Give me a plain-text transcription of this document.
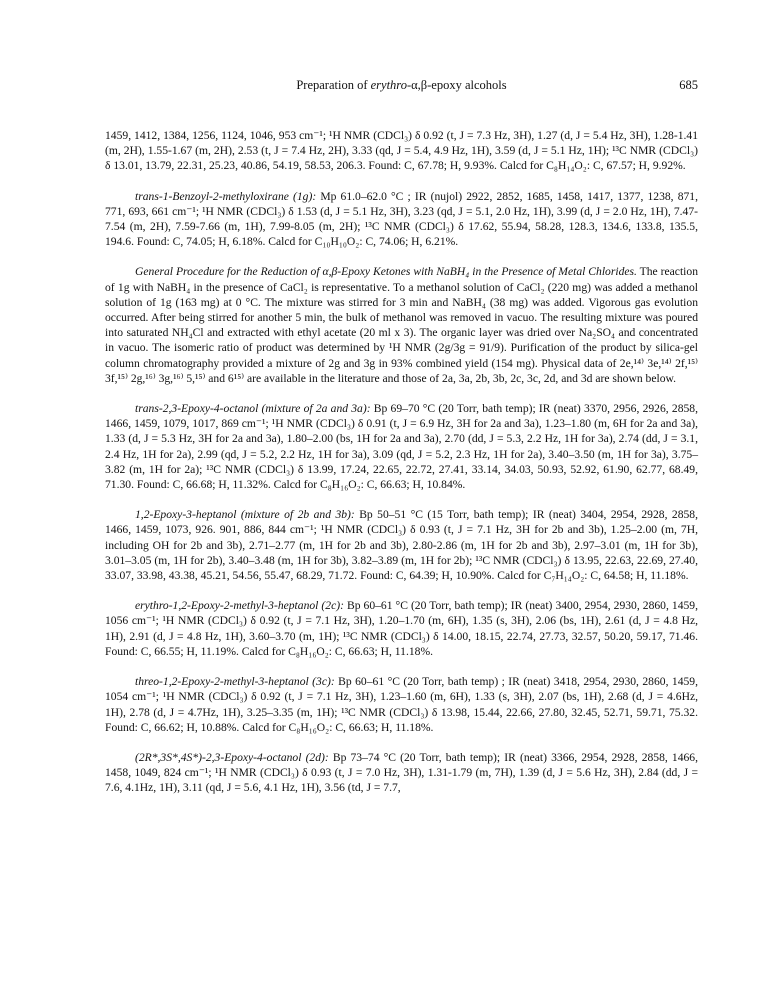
Preparation of erythro-α,β-epoxy alcohols	685

1459, 1412, 1384, 1256, 1124, 1046, 953 cm⁻¹; ¹H NMR (CDCl₃) δ 0.92 (t, J = 7.3 Hz, 3H), 1.27 (d, J = 5.4 Hz, 3H), 1.28-1.41 (m, 2H), 1.55-1.67 (m, 2H), 2.53 (t, J = 7.4 Hz, 2H), 3.33 (qd, J = 5.4, 4.9 Hz, 1H), 3.59 (d, J = 5.1 Hz, 1H); ¹³C NMR (CDCl₃) δ 13.01, 13.79, 22.31, 25.23, 40.86, 54.19, 58.53, 206.3. Found: C, 67.78; H, 9.93%. Calcd for C₈H₁₄O₂: C, 67.57; H, 9.92%.

trans-1-Benzoyl-2-methyloxirane (1g): Mp 61.0–62.0 °C ; IR (nujol) 2922, 2852, 1685, 1458, 1417, 1377, 1238, 871, 771, 693, 661 cm⁻¹; ¹H NMR (CDCl₃) δ 1.53 (d, J = 5.1 Hz, 3H), 3.23 (qd, J = 5.1, 2.0 Hz, 1H), 3.99 (d, J = 2.0 Hz, 1H), 7.47-7.54 (m, 2H), 7.59-7.66 (m, 1H), 7.99-8.05 (m, 2H); ¹³C NMR (CDCl₃) δ 17.62, 55.94, 58.28, 128.3, 134.6, 133.8, 135.5, 194.6. Found: C, 74.05; H, 6.18%. Calcd for C₁₀H₁₀O₂: C, 74.06; H, 6.21%.

General Procedure for the Reduction of α,β-Epoxy Ketones with NaBH₄ in the Presence of Metal Chlorides. The reaction of 1g with NaBH₄ in the presence of CaCl₂ is representative. To a methanol solution of CaCl₂ (220 mg) was added a methanol solution of 1g (163 mg) at 0 °C. The mixture was stirred for 3 min and NaBH₄ (38 mg) was added. Vigorous gas evolution occurred. After being stirred for another 5 min, the bulk of methanol was removed in vacuo. The resulting mixture was poured into saturated NH₄Cl and extracted with ethyl acetate (20 ml x 3). The organic layer was dried over Na₂SO₄ and concentrated in vacuo. The isomeric ratio of product was determined by ¹H NMR (2g/3g = 91/9). Purification of the product by silica-gel column chromatography provided a mixture of 2g and 3g in 93% combined yield (154 mg). Physical data of 2e,¹⁴⁾ 3e,¹⁴⁾ 2f,¹⁵⁾ 3f,¹⁵⁾ 2g,¹⁶⁾ 3g,¹⁶⁾ 5,¹⁵⁾ and 6¹⁵⁾ are available in the literature and those of 2a, 3a, 2b, 3b, 2c, 3c, 2d, and 3d are shown below.

trans-2,3-Epoxy-4-octanol (mixture of 2a and 3a): Bp 69–70 °C (20 Torr, bath temp); IR (neat) 3370, 2956, 2926, 2858, 1466, 1459, 1079, 1017, 869 cm⁻¹; ¹H NMR (CDCl₃) δ 0.91 (t, J = 6.9 Hz, 3H for 2a and 3a), 1.23–1.80 (m, 6H for 2a and 3a), 1.33 (d, J = 5.3 Hz, 3H for 2a and 3a), 1.80–2.00 (bs, 1H for 2a and 3a), 2.70 (dd, J = 5.3, 2.2 Hz, 1H for 3a), 2.74 (dd, J = 3.1, 2.4 Hz, 1H for 2a), 2.99 (qd, J = 5.2, 2.2 Hz, 1H for 3a), 3.09 (qd, J = 5.2, 2.3 Hz, 1H for 2a), 3.40–3.50 (m, 1H for 3a), 3.75–3.82 (m, 1H for 2a); ¹³C NMR (CDCl₃) δ 13.99, 17.24, 22.65, 22.72, 27.41, 33.14, 34.03, 50.93, 52.92, 61.90, 62.77, 68.49, 71.30. Found: C, 66.68; H, 11.32%. Calcd for C₈H₁₆O₂: C, 66.63; H, 10.84%.

1,2-Epoxy-3-heptanol (mixture of 2b and 3b): Bp 50–51 °C (15 Torr, bath temp); IR (neat) 3404, 2954, 2928, 2858, 1466, 1459, 1073, 926. 901, 886, 844 cm⁻¹; ¹H NMR (CDCl₃) δ 0.93 (t, J = 7.1 Hz, 3H for 2b and 3b), 1.25–2.00 (m, 7H, including OH for 2b and 3b), 2.71–2.77 (m, 1H for 2b and 3b), 2.80-2.86 (m, 1H for 2b and 3b), 2.97–3.01 (m, 1H for 3b), 3.01–3.05 (m, 1H for 2b), 3.40–3.48 (m, 1H for 3b), 3.82–3.89 (m, 1H for 2b); ¹³C NMR (CDCl₃) δ 13.95, 22.63, 22.69, 27.40, 33.07, 33.98, 43.38, 45.21, 54.56, 55.47, 68.29, 71.72. Found: C, 64.39; H, 10.90%. Calcd for C₇H₁₄O₂: C, 64.58; H, 11.18%.

erythro-1,2-Epoxy-2-methyl-3-heptanol (2c): Bp 60–61 °C (20 Torr, bath temp); IR (neat) 3400, 2954, 2930, 2860, 1459, 1056 cm⁻¹; ¹H NMR (CDCl₃) δ 0.92 (t, J = 7.1 Hz, 3H), 1.20–1.70 (m, 6H), 1.35 (s, 3H), 2.06 (bs, 1H), 2.61 (d, J = 4.8 Hz, 1H), 2.91 (d, J = 4.8 Hz, 1H), 3.60–3.70 (m, 1H); ¹³C NMR (CDCl₃) δ 14.00, 18.15, 22.74, 27.73, 32.57, 50.20, 59.17, 71.46. Found: C, 66.55; H, 11.19%. Calcd for C₈H₁₆O₂: C, 66.63; H, 11.18%.

threo-1,2-Epoxy-2-methyl-3-heptanol (3c): Bp 60–61 °C (20 Torr, bath temp) ; IR (neat) 3418, 2954, 2930, 2860, 1459, 1054 cm⁻¹; ¹H NMR (CDCl₃) δ 0.92 (t, J = 7.1 Hz, 3H), 1.23–1.60 (m, 6H), 1.33 (s, 3H), 2.07 (bs, 1H), 2.68 (d, J = 4.6Hz, 1H), 2.78 (d, J = 4.7Hz, 1H), 3.25–3.35 (m, 1H); ¹³C NMR (CDCl₃) δ 13.98, 15.44, 22.66, 27.80, 32.45, 52.71, 59.71, 75.32. Found: C, 66.62; H, 10.88%. Calcd for C₈H₁₆O₂: C, 66.63; H, 11.18%.

(2R*,3S*,4S*)-2,3-Epoxy-4-octanol (2d): Bp 73–74 °C (20 Torr, bath temp); IR (neat) 3366, 2954, 2928, 2858, 1466, 1458, 1049, 824 cm⁻¹; ¹H NMR (CDCl₃) δ 0.93 (t, J = 7.0 Hz, 3H), 1.31-1.79 (m, 7H), 1.39 (d, J = 5.6 Hz, 3H), 2.84 (dd, J = 7.6, 4.1Hz, 1H), 3.11 (qd, J = 5.6, 4.1 Hz, 1H), 3.56 (td, J = 7.7,
